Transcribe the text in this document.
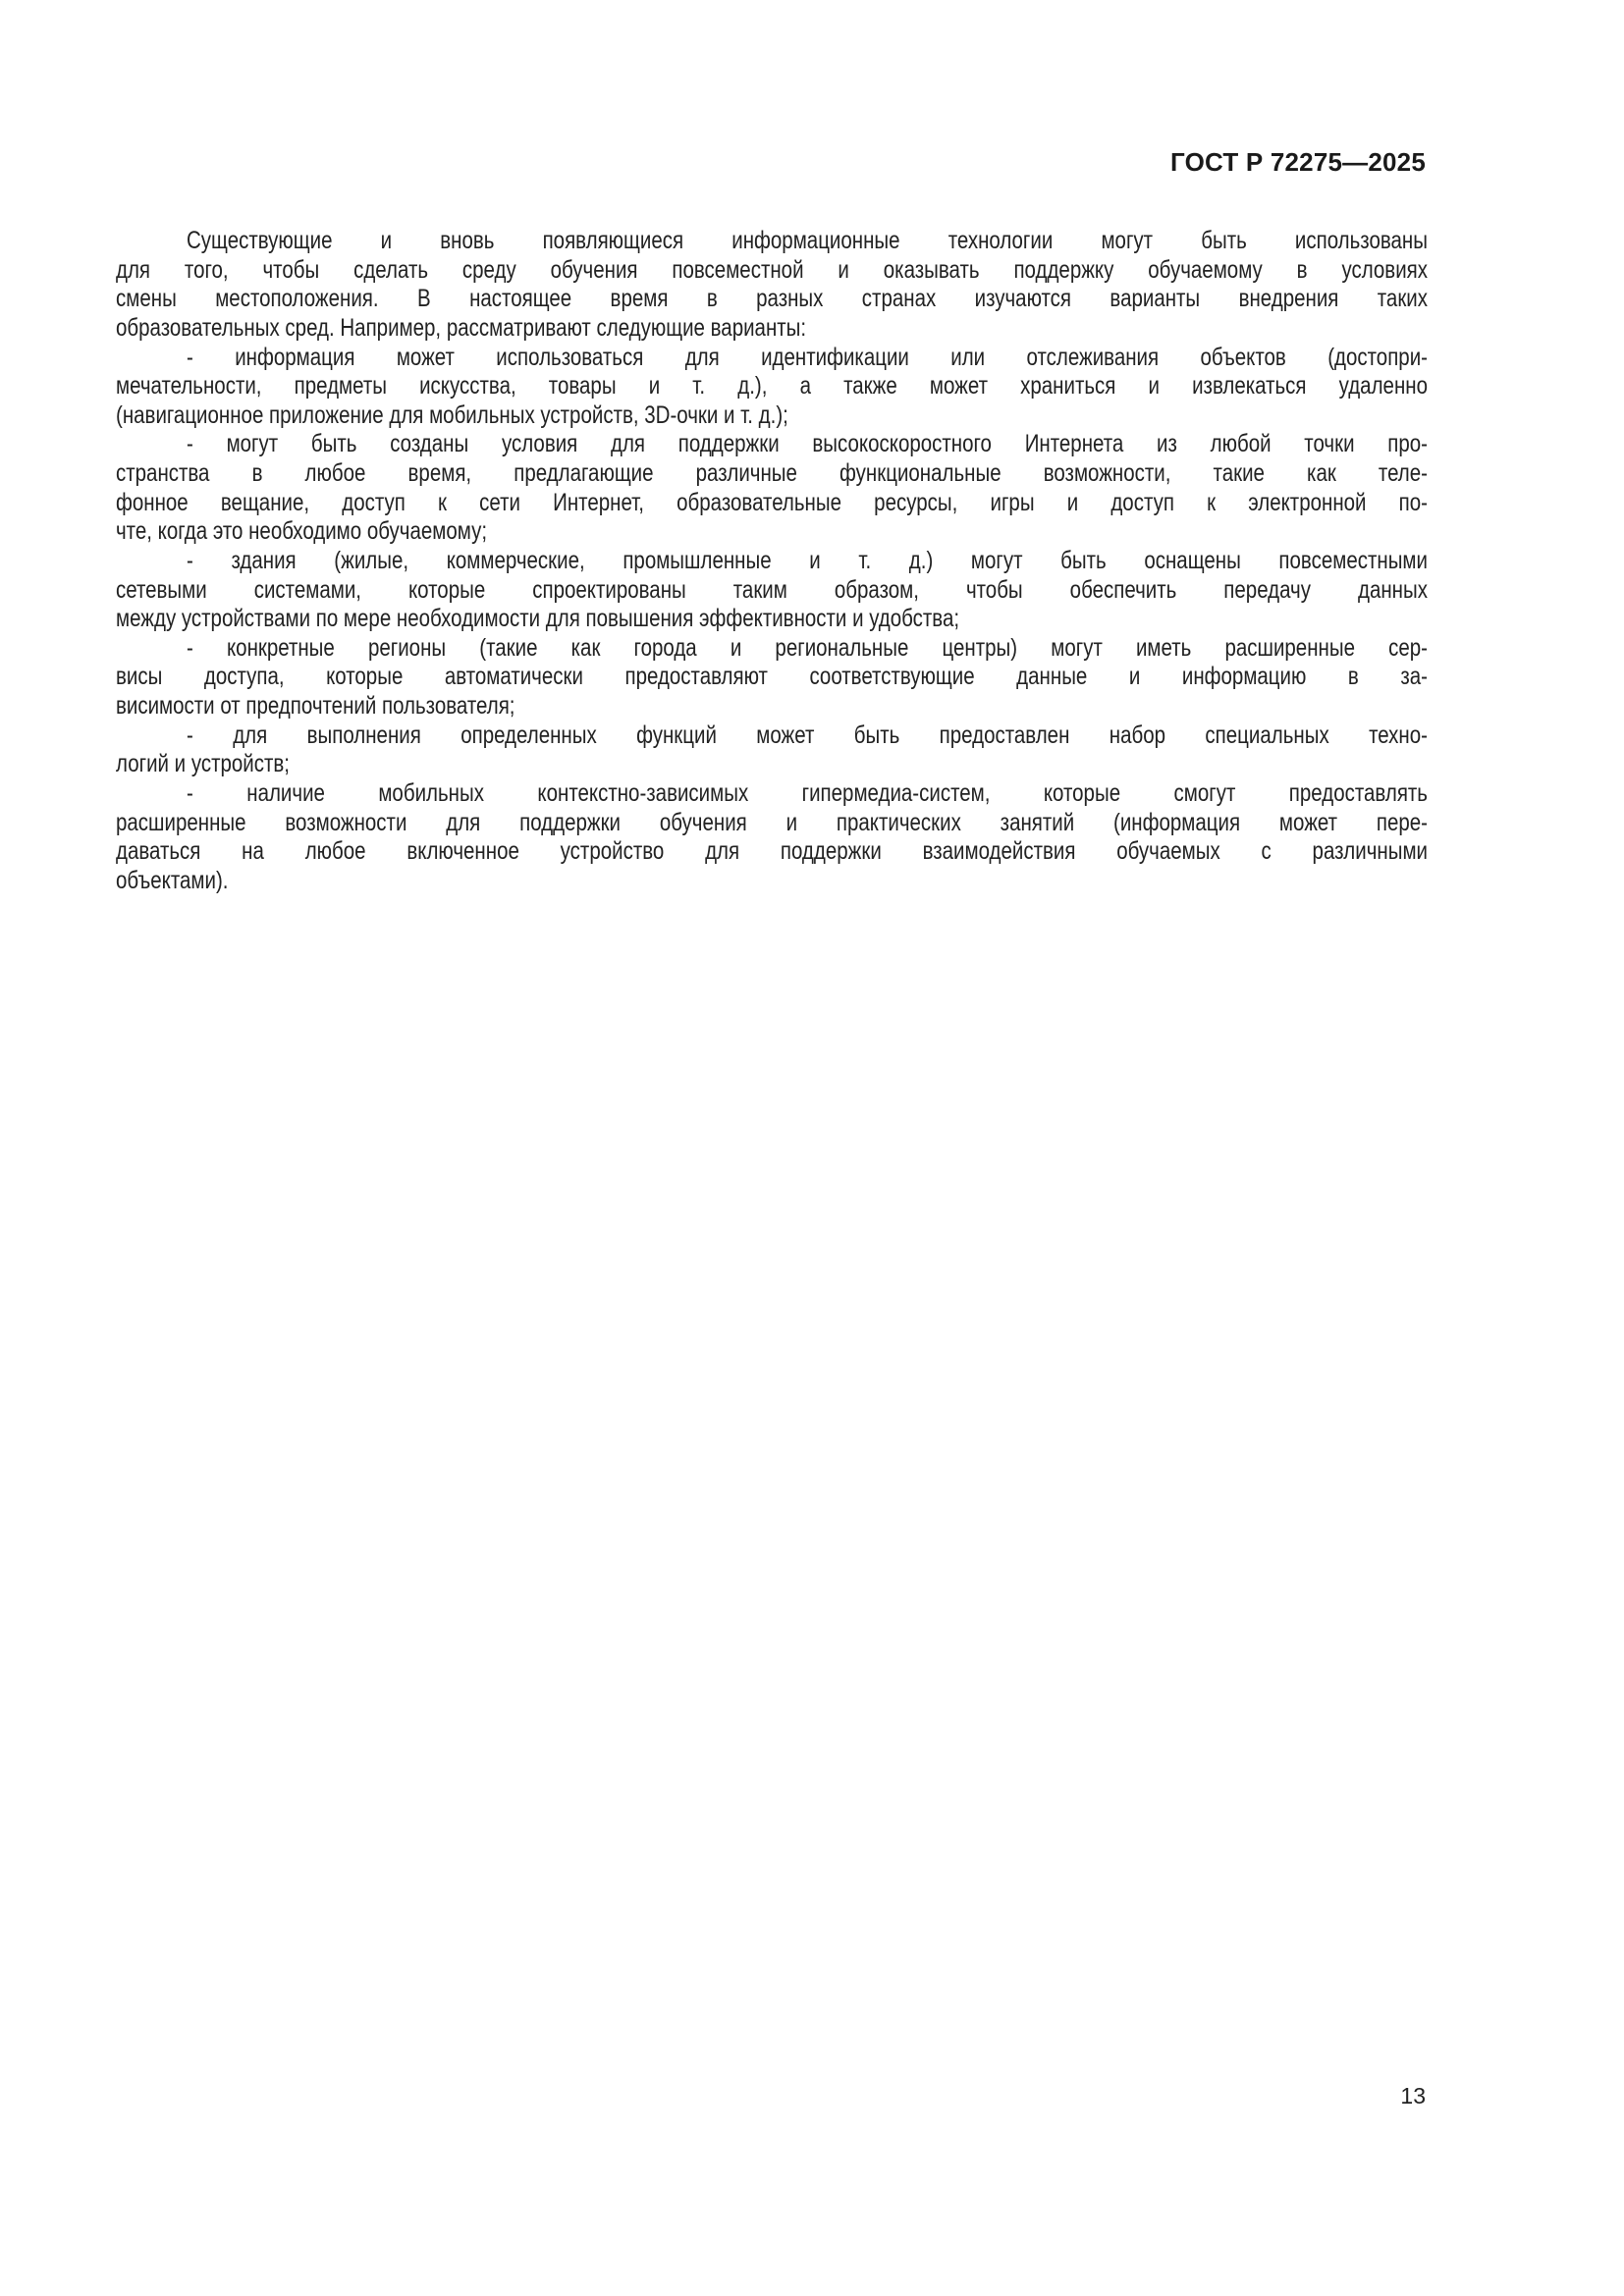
ГОСТ Р 72275—2025
Существующие и вновь появляющиеся информационные технологии могут быть использованы
для того, чтобы сделать среду обучения повсеместной и оказывать поддержку обучаемому в условиях
смены местоположения. В настоящее время в разных странах изучаются варианты внедрения таких
образовательных сред. Например, рассматривают следующие варианты:
- информация может использоваться для идентификации или отслеживания объектов (достопри-
мечательности, предметы искусства, товары и т. д.), а также может храниться и извлекаться удаленно
(навигационное приложение для мобильных устройств, 3D-очки и т. д.);
- могут быть созданы условия для поддержки высокоскоростного Интернета из любой точки про-
странства в любое время, предлагающие различные функциональные возможности, такие как теле-
фонное вещание, доступ к сети Интернет, образовательные ресурсы, игры и доступ к электронной по-
чте, когда это необходимо обучаемому;
- здания (жилые, коммерческие, промышленные и т. д.) могут быть оснащены повсеместными
сетевыми системами, которые спроектированы таким образом, чтобы обеспечить передачу данных
между устройствами по мере необходимости для повышения эффективности и удобства;
- конкретные регионы (такие как города и региональные центры) могут иметь расширенные сер-
висы доступа, которые автоматически предоставляют соответствующие данные и информацию в за-
висимости от предпочтений пользователя;
- для выполнения определенных функций может быть предоставлен набор специальных техно-
логий и устройств;
- наличие мобильных контекстно-зависимых гипермедиа-систем, которые смогут предоставлять
расширенные возможности для поддержки обучения и практических занятий (информация может пере-
даваться на любое включенное устройство для поддержки взаимодействия обучаемых с различными
объектами).
13
